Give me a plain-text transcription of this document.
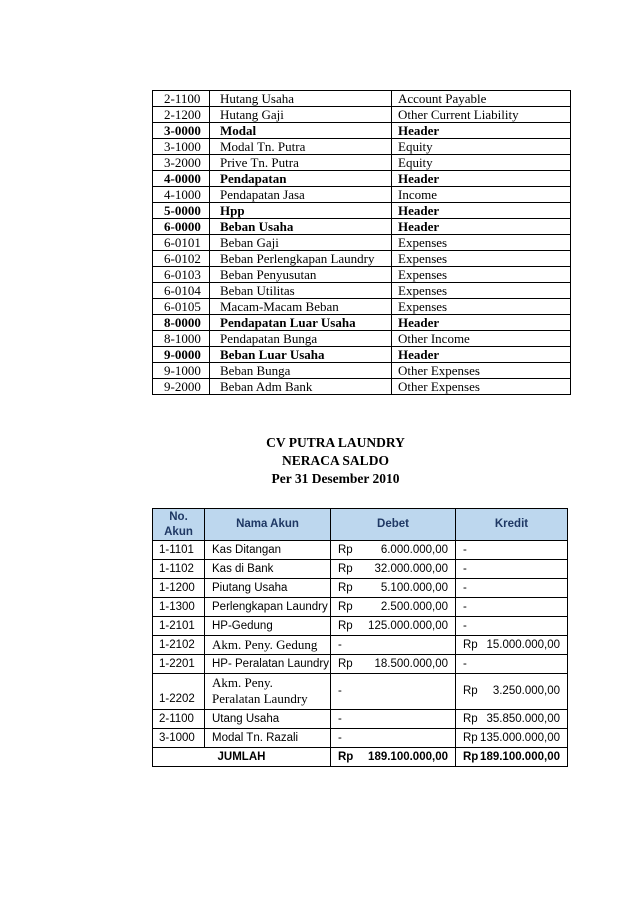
2-1100	Hutang Usaha	Account Payable
2-1200	Hutang Gaji	Other Current Liability
3-0000	Modal	Header
3-1000	Modal Tn. Putra	Equity
3-2000	Prive Tn. Putra	Equity
4-0000	Pendapatan	Header
4-1000	Pendapatan Jasa	Income
5-0000	Hpp	Header
6-0000	Beban Usaha	Header
6-0101	Beban Gaji	Expenses
6-0102	Beban Perlengkapan Laundry	Expenses
6-0103	Beban Penyusutan	Expenses
6-0104	Beban Utilitas	Expenses
6-0105	Macam-Macam Beban	Expenses
8-0000	Pendapatan Luar Usaha	Header
8-1000	Pendapatan Bunga	Other Income
9-0000	Beban Luar Usaha	Header
9-1000	Beban Bunga	Other Expenses
9-2000	Beban Adm Bank	Other Expenses
CV PUTRA LAUNDRY
NERACA SALDO
Per 31 Desember 2010
No. Akun	Nama Akun	Debet	Kredit
1-1101	Kas Ditangan	Rp 6.000.000,00	-
1-1102	Kas di Bank	Rp 32.000.000,00	-
1-1200	Piutang Usaha	Rp 5.100.000,00	-
1-1300	Perlengkapan Laundry	Rp 2.500.000,00	-
1-2101	HP-Gedung	Rp 125.000.000,00	-
1-2102	Akm. Peny. Gedung	-	Rp 15.000.000,00

1-2201	HP- Peralatan Laundry	Rp 18.500.000,00	-
1-2202	Akm. Peny. Peralatan Laundry	-	Rp 3.250.000,00

2-1100	Utang Usaha	-	Rp 35.850.000,00

3-1000	Modal Tn. Razali	-	Rp 135.000.000,00

JUMLAH		Rp 189.100.000,00	Rp 189.100.000,00
